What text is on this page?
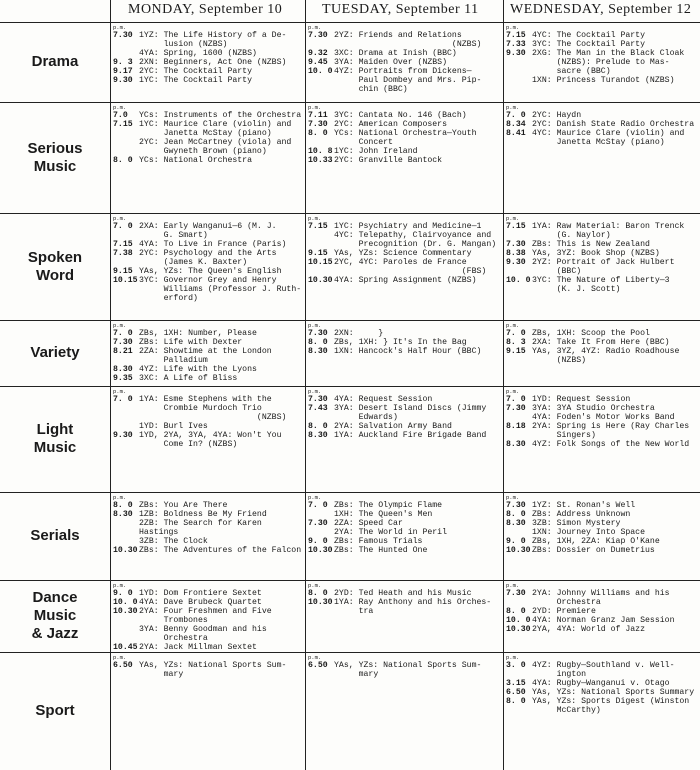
MONDAY, September 10	TUESDAY, September 11	WEDNESDAY, September 12
Drama
p.m.
7.30 1YZ: The Life History of a De-
lusion (NZBS)
4YA: Spring, 1600 (NZBS)
9. 3 2XN: Beginners, Act One (NZBS)
9.17 2YC: The Cocktail Party
9.30 1YC: The Cocktail Party
p.m.
7.30 2YZ: Friends and Relations
(NZBS)
9.32 3XC: Drama at Inish (BBC)
9.45 3YA: Maiden Over (NZBS)
10. 0 4YZ: Portraits from Dickens—
Paul Dombey and Mrs. Pip-
chin (BBC)
p.m.
7.15 4YC: The Cocktail Party
7.33 3YC: The Cocktail Party
9.30 2XG: The Man in the Black Cloak
(NZBS): Prelude to Mas-
sacre (BBC)
1XN: Princess Turandot (NZBS)
Serious
Music
p.m.
7.0	YCs: Instruments of the Orchestra
7.15 1YC: Maurice Clare (violin) and
Janetta McStay (piano)
2YC: Jean McCartney (viola) and
Gwyneth Brown (piano)
8. 0 YCs: National Orchestra
p.m.
7.11 3YC: Cantata No. 146 (Bach)
7.30 2YC: American Composers
8. 0 YCs: National Orchestra—Youth
Concert
10. 8 1YC: John Ireland
10.33 2YC: Granville Bantock
p.m.
7. 0 2YC: Haydn
8.34 2YC: Danish State Radio Orchestra
8.41 4YC: Maurice Clare (violin) and
Janetta McStay (piano)
Spoken
Word
p.m.
7. 0 2XA: Early Wanganui—6 (M. J.
G. Smart)
7.15 4YA: To Live in France (Paris)
7.38 2YC: Psychology and the Arts
(James K. Baxter)
9.15 YAs, YZs: The Queen's English
10.15 3YC: Governor Grey and Henry
Williams (Professor J. Ruth-
erford)
p.m.
7.15 1YC: Psychiatry and Medicine—1
4YC: Telepathy, Clairvoyance and
Precognition (Dr. G. Mangan)
9.15 YAs, YZs: Science Commentary
10.15 2YC, 4YC: Paroles de France
(FBS)
10.30 4YA: Spring Assignment (NZBS)
p.m.
7.15 1YA: Raw Material: Baron Trenck
(G. Naylor)
7.30 ZBs: This is New Zealand
8.38 YAs, 3YZ: Book Shop (NZBS)
9.30 2YZ: Portrait of Jack Hulbert
(BBC)
10. 0 3YC: The Nature of Liberty—3
(K. J. Scott)
Variety
p.m.
7. 0 ZBs, 1XH: Number, Please
7.30 ZBs: Life with Dexter
8.21 2ZA: Showtime at the London
Palladium
8.30 4YZ: Life with the Lyons
9.35 3XC: A Life of Bliss
p.m.
7.30 2XN:     }
8. 0 ZBs, 1XH: } It's In the Bag
8.30 1XN: Hancock's Half Hour (BBC)
p.m.
7. 0 ZBs, 1XH: Scoop the Pool
8. 3 2XA: Take It From Here (BBC)
9.15 YAs, 3YZ, 4YZ: Radio Roadhouse
(NZBS)
Light
Music
p.m.
7. 0 1YA: Esme Stephens with the
Crombie Murdoch Trio
(NZBS)
1YD: Burl Ives
9.30 1YD, 2YA, 3YA, 4YA: Won't You
Come In? (NZBS)
p.m.
7.30 4YA: Request Session
7.43 3YA: Desert Island Discs (Jimmy
Edwards)
8. 0 2YA: Salvation Army Band
8.30 1YA: Auckland Fire Brigade Band
p.m.
7. 0 1YD: Request Session
7.30 3YA: 3YA Studio Orchestra
4YA: Foden's Motor Works Band
8.18 2YA: Spring is Here (Ray Charles
Singers)
8.30 4YZ: Folk Songs of the New World
Serials
p.m.
8. 0 ZBs: You Are There
8.30 1ZB: Boldness Be My Friend
2ZB: The Search for Karen Hastings
3ZB: The Clock
10.30 ZBs: The Adventures of the Falcon
p.m.
7. 0 ZBs: The Olympic Flame
1XH: The Queen's Men
7.30 2ZA: Speed Car
2YA: The World in Peril
9. 0 ZBs: Famous Trials
10.30 ZBs: The Hunted One
p.m.
7.30 1YZ: St. Ronan's Well
8. 0 ZBs: Address Unknown
8.30 3ZB: Simon Mystery
1XN: Journey Into Space
9. 0 ZBs, 1XH, 2ZA: Kiap O'Kane
10.30 ZBs: Dossier on Dumetrius
Dance
Music
& Jazz
p.m.
9. 0 1YD: Dom Frontiere Sextet
10. 0 4YA: Dave Brubeck Quartet
10.30 2YA: Four Freshmen and Five
Trombones
3YA: Benny Goodman and his
Orchestra
10.45 2YA: Jack Millman Sextet
p.m.
8. 0 2YD: Ted Heath and his Music
10.30 1YA: Ray Anthony and his Orches-
tra
p.m.
7.30 2YA: Johnny Williams and his
Orchestra
8. 0 2YD: Premiere
10. 0 4YA: Norman Granz Jam Session
10.30 2YA, 4YA: World of Jazz
Sport
p.m.
6.50 YAs, YZs: National Sports Sum-
mary
p.m.
6.50 YAs, YZs: National Sports Sum-
mary
p.m.
3. 0 4YZ: Rugby—Southland v. Well-
ington
3.15 4YA: Rugby—Wanganui v. Otago
6.50 YAs, YZs: National Sports Summary
8. 0 YAs, YZs: Sports Digest (Winston
McCarthy)
